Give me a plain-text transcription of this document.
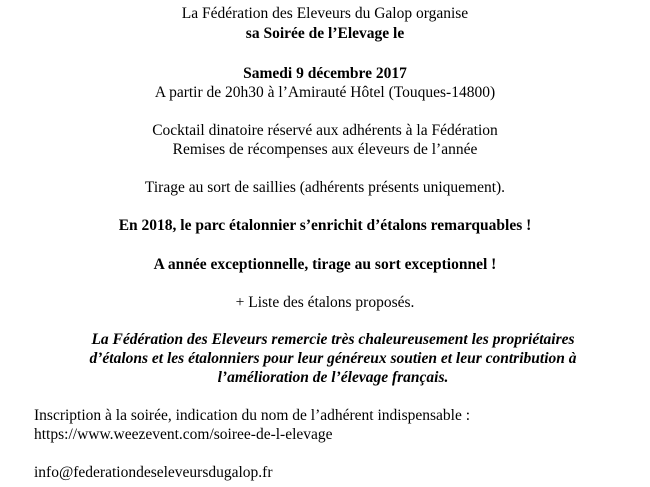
La Fédération des Eleveurs du Galop organise
sa Soirée de l’Elevage le
Samedi 9 décembre 2017
A partir de 20h30 à l’Amirauté Hôtel (Touques-14800)
Cocktail dinatoire réservé aux adhérents à la Fédération
Remises de récompenses aux éleveurs de l’année
Tirage au sort de saillies (adhérents présents uniquement).
En 2018, le parc étalonnier s’enrichit d’étalons remarquables !
A année exceptionnelle, tirage au sort exceptionnel !
+ Liste des étalons proposés.
La Fédération des Eleveurs remercie très chaleureusement les propriétaires
d’étalons et les étalonniers pour leur généreux soutien et leur contribution à
l’amélioration de l’élevage français.
Inscription à la soirée, indication du nom de l’adhérent indispensable :
https://www.weezevent.com/soiree-de-l-elevage
info@federationdeseleveursdugalop.fr
